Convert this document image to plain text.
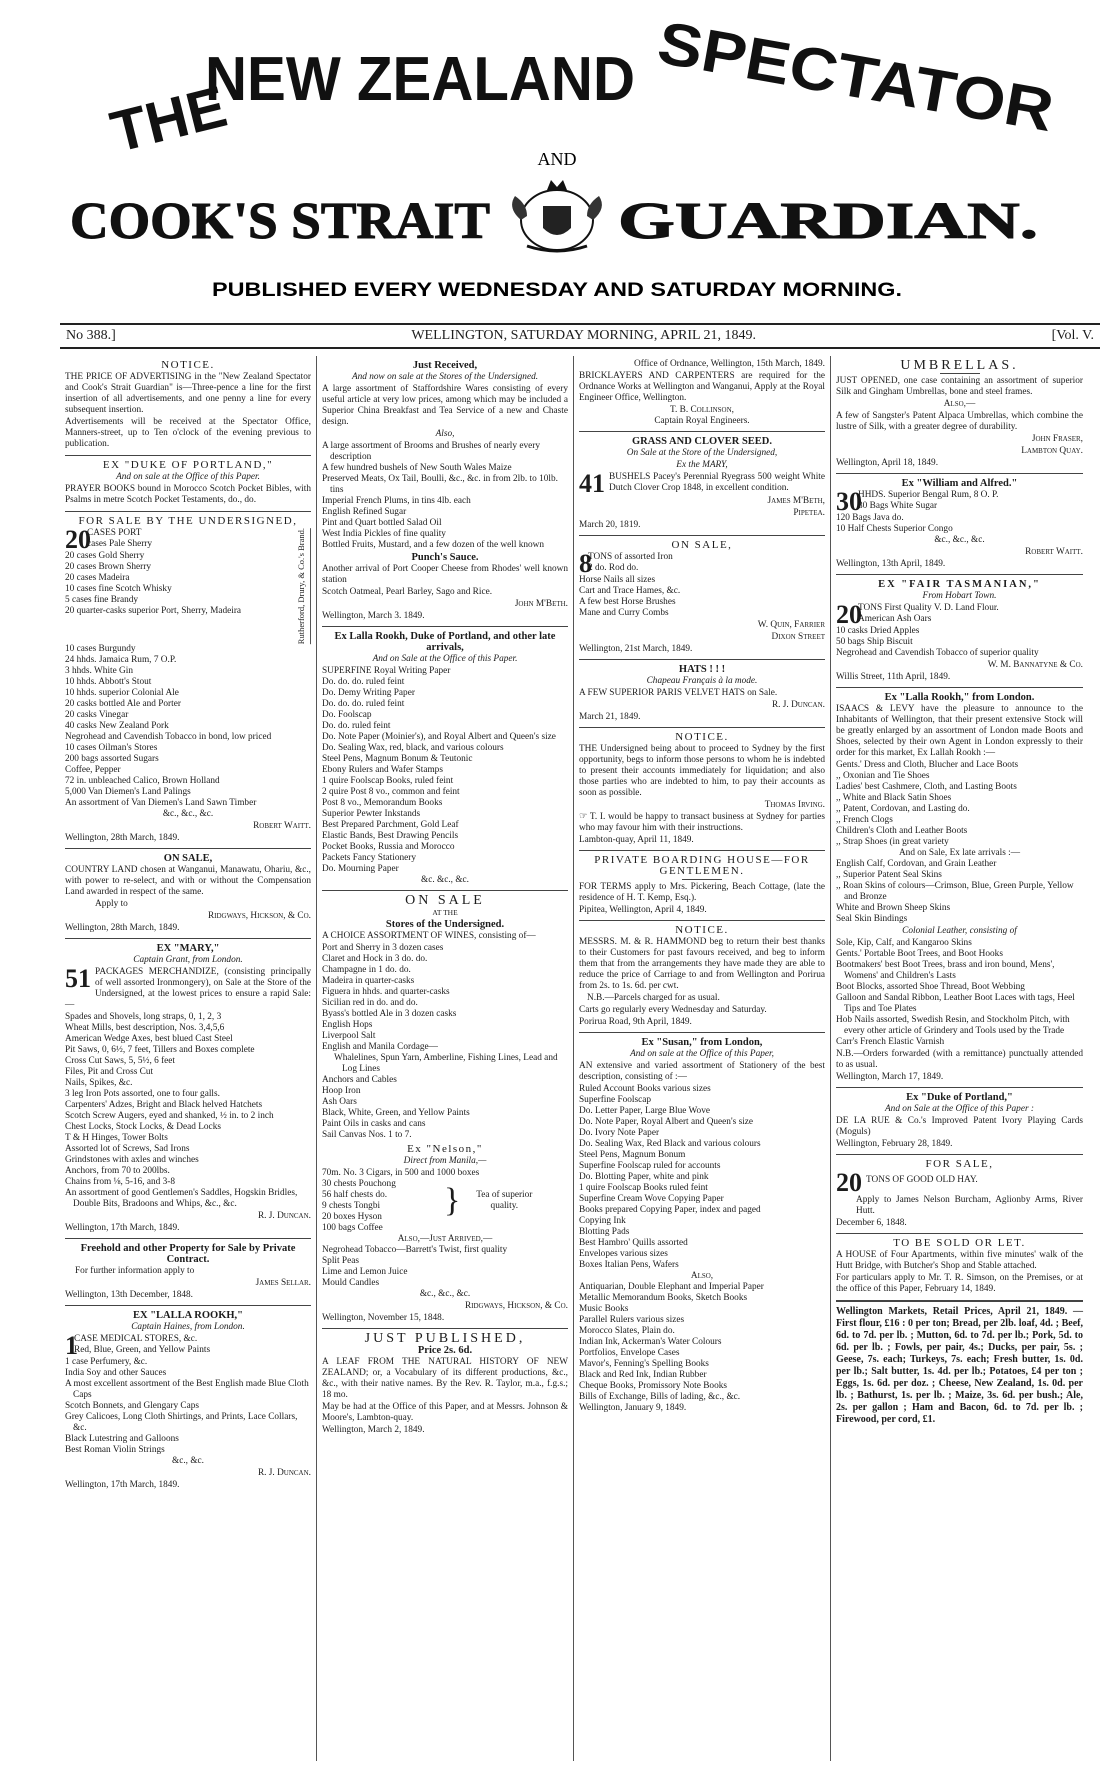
THE
NEW ZEALAND SPECTATOR
AND
COOK'S STRAIT GUARDIAN.
PUBLISHED EVERY WEDNESDAY AND SATURDAY MORNING.
No 388.]	WELLINGTON, SATURDAY MORNING, APRIL 21, 1849.	[Vol. V.
NOTICE.
THE PRICE OF ADVERTISING in the "New Zealand Spectator and Cook's Strait Guardian" is—Three-pence a line for the first insertion of all advertisements, and one penny a line for every subsequent insertion.
Advertisements will be received at the Spectator Office, Manners-street, up to Ten o'clock of the evening previous to publication.
EX "DUKE OF PORTLAND,"
And on sale at the Office of this Paper.
PRAYER BOOKS bound in Morocco Scotch Pocket Bibles, with Psalms in metre Scotch Pocket Testaments, do., do.
FOR SALE BY THE UNDERSIGNED,
20
CASES PORT
cases Pale Sherry
20 cases Gold Sherry
20 cases Brown Sherry
20 cases Madeira
10 cases fine Scotch Whisky
5 cases fine Brandy
20 quarter-casks superior Port, Sherry, Madeira	Rutherford, Drury, & Co.'s Brand.
10 cases Burgundy
24 hhds. Jamaica Rum, 7 O.P.
3 hhds. White Gin
10 hhds. Abbott's Stout
10 hhds. superior Colonial Ale
20 casks bottled Ale and Porter
20 casks Vinegar
40 casks New Zealand Pork
Negrohead and Cavendish Tobacco in bond, low priced
10 cases Oilman's Stores
200 bags assorted Sugars
Coffee, Pepper
72 in. unbleached Calico, Brown Holland
5,000 Van Diemen's Land Palings
An assortment of Van Diemen's Land Sawn Timber
&c., &c., &c.
Robert Waitt.
Wellington, 28th March, 1849.
ON SALE,
COUNTRY LAND chosen at Wanganui, Manawatu, Ohariu, &c., with power to re-select, and with or without the Compensation Land awarded in respect of the same.
Apply to
Ridgways, Hickson, & Co.
Wellington, 28th March, 1849.
EX "MARY,"
Captain Grant, from London.
51 PACKAGES MERCHANDIZE, (consisting principally of well assorted Ironmongery), on Sale at the Store of the Undersigned, at the lowest prices to ensure a rapid Sale:—
Spades and Shovels, long straps, 0, 1, 2, 3
Wheat Mills, best description, Nos. 3,4,5,6
American Wedge Axes, best blued Cast Steel
Pit Saws, 0, 6½, 7 feet, Tillers and Boxes complete
Cross Cut Saws, 5, 5½, 6 feet
Files, Pit and Cross Cut
Nails, Spikes, &c.
3 leg Iron Pots assorted, one to four galls.
Carpenters' Adzes, Bright and Black helved Hatchets
Scotch Screw Augers, eyed and shanked, ½ in. to 2 inch
Chest Locks, Stock Locks, & Dead Locks
T & H Hinges, Tower Bolts
Assorted lot of Screws, Sad Irons
Grindstones with axles and winches
Anchors, from 70 to 200lbs.
Chains from ⅛, 5-16, and 3-8
An assortment of good Gentlemen's Saddles, Hogskin Bridles, Double Bits, Bradoons and Whips, &c., &c.
R. J. Duncan.
Wellington, 17th March, 1849.
Freehold and other Property for Sale by Private Contract.
For further information apply to
James Sellar.
Wellington, 13th December, 1848.
EX "LALLA ROOKH,"
Captain Haines, from London.
1
CASE MEDICAL STORES, &c.
Red, Blue, Green, and Yellow Paints
1 case Perfumery, &c.
India Soy and other Sauces
A most excellent assortment of the Best English made Blue Cloth Caps
Scotch Bonnets, and Glengary Caps
Grey Calicoes, Long Cloth Shirtings, and Prints, Lace Collars, &c.
Black Lutestring and Galloons
Best Roman Violin Strings
&c., &c.
R. J. Duncan.
Wellington, 17th March, 1849.
Just Received,
And now on sale at the Stores of the Undersigned.
A large assortment of Staffordshire Wares consisting of every useful article at very low prices, among which may be included a Superior China Breakfast and Tea Service of a new and Chaste design.
Also,
A large assortment of Brooms and Brushes of nearly every description
A few hundred bushels of New South Wales Maize
Preserved Meats, Ox Tail, Boulli, &c., &c. in from 2lb. to 10lb. tins
Imperial French Plums, in tins 4lb. each
English Refined Sugar
Pint and Quart bottled Salad Oil
West India Pickles of fine quality
Bottled Fruits, Mustard, and a few dozen of the well known
Punch's Sauce.
Another arrival of Port Cooper Cheese from Rhodes' well known station
Scotch Oatmeal, Pearl Barley, Sago and Rice.
John M'Beth.
Wellington, March 3. 1849.
Ex Lalla Rookh, Duke of Portland, and other late arrivals,
And on Sale at the Office of this Paper.
SUPERFINE Royal Writing Paper
Do. do. do. ruled feint
Do. Demy Writing Paper
Do. do. do. ruled feint
Do. Foolscap
Do. do. ruled feint
Do. Note Paper (Moinier's), and Royal Albert and Queen's size
Do. Sealing Wax, red, black, and various colours
Steel Pens, Magnum Bonum & Teutonic
Ebony Rulers and Wafer Stamps
1 quire Foolscap Books, ruled feint
2 quire Post 8 vo., common and feint
Post 8 vo., Memorandum Books
Superior Pewter Inkstands
Best Prepared Parchment, Gold Leaf
Elastic Bands, Best Drawing Pencils
Pocket Books, Russia and Morocco
Packets Fancy Stationery
Do. Mourning Paper
&c. &c., &c.
ON SALE
AT THE
Stores of the Undersigned.
A CHOICE ASSORTMENT OF WINES, consisting of—
Port and Sherry in 3 dozen cases
Claret and Hock in 3 do. do.
Champagne in 1 do. do.
Madeira in quarter-casks
Figuera in hhds. and quarter-casks
Sicilian red in do. and do.
Byass's bottled Ale in 3 dozen casks
English Hops
Liverpool Salt
English and Manila Cordage—
Whalelines, Spun Yarn, Amberline, Fishing Lines, Lead and Log Lines
Anchors and Cables
Hoop Iron
Ash Oars
Black, White, Green, and Yellow Paints
Paint Oils in casks and cans
Sail Canvas Nos. 1 to 7.
Ex "Nelson,"
Direct from Manila,—
70m. No. 3 Cigars, in 500 and 1000 boxes
30 chests Pouchong
56 half chests do.
9 chests Tongbi
20 boxes Hyson	}	Tea of superior quality.
100 bags Coffee
Also,—Just Arrived,—
Negrohead Tobacco—Barrett's Twist, first quality
Split Peas
Lime and Lemon Juice
Mould Candles
&c., &c., &c.
Ridgways, Hickson, & Co.
Wellington, November 15, 1848.
JUST PUBLISHED,
Price 2s. 6d.
A LEAF FROM THE NATURAL HISTORY OF NEW ZEALAND; or, a Vocabulary of its different productions, &c., &c., with their native names. By the Rev. R. Taylor, m.a., f.g.s.; 18 mo.
May be had at the Office of this Paper, and at Messrs. Johnson & Moore's, Lambton-quay.
Wellington, March 2, 1849.
Office of Ordnance, Wellington, 15th March, 1849.
BRICKLAYERS AND CARPENTERS are required for the Ordnance Works at Wellington and Wanganui, Apply at the Royal Engineer Office, Wellington.
T. B. Collinson,
Captain Royal Engineers.
GRASS AND CLOVER SEED.
On Sale at the Store of the Undersigned,
Ex the MARY,
41 BUSHELS Pacey's Perennial Ryegrass 500 weight White Dutch Clover Crop 1848, in excellent condition.
James M'Beth,
Pipetea.
March 20, 1819.
ON SALE,
8
TONS of assorted Iron
2 do. Rod do.
Horse Nails all sizes
Cart and Trace Hames, &c.
A few best Horse Brushes
Mane and Curry Combs
W. Quin, Farrier
Dixon Street
Wellington, 21st March, 1849.
HATS ! ! !
Chapeau Français à la mode.
A FEW SUPERIOR PARIS VELVET HATS on Sale.
R. J. Duncan.
March 21, 1849.
NOTICE.
THE Undersigned being about to proceed to Sydney by the first opportunity, begs to inform those persons to whom he is indebted to present their accounts immediately for liquidation; and also those parties who are indebted to him, to pay their accounts as soon as possible.
Thomas Irving.
☞ T. I. would be happy to transact business at Sydney for parties who may favour him with their instructions.
Lambton-quay, April 11, 1849.
PRIVATE BOARDING HOUSE—FOR GENTLEMEN.
FOR TERMS apply to Mrs. Pickering, Beach Cottage, (late the residence of H. T. Kemp, Esq.).
Pipitea, Wellington, April 4, 1849.
NOTICE.
MESSRS. M. & R. HAMMOND beg to return their best thanks to their Customers for past favours received, and beg to inform them that from the arrangements they have made they are able to reduce the price of Carriage to and from Wellington and Porirua from 2s. to 1s. 6d. per cwt.
N.B.—Parcels charged for as usual.
Carts go regularly every Wednesday and Saturday.
Porirua Road, 9th April, 1849.
Ex "Susan," from London,
And on sale at the Office of this Paper,
AN extensive and varied assortment of Stationery of the best description, consisting of :—
Ruled Account Books various sizes
Superfine Foolscap
Do. Letter Paper, Large Blue Wove
Do. Note Paper, Royal Albert and Queen's size
Do. Ivory Note Paper
Do. Sealing Wax, Red Black and various colours
Steel Pens, Magnum Bonum
Superfine Foolscap ruled for accounts
Do. Blotting Paper, white and pink
1 quire Foolscap Books ruled feint
Superfine Cream Wove Copying Paper
Books prepared Copying Paper, index and paged
Copying Ink
Blotting Pads
Best Hambro' Quills assorted
Envelopes various sizes
Boxes Italian Pens, Wafers
Also,
Antiquarian, Double Elephant and Imperial Paper
Metallic Memorandum Books, Sketch Books
Music Books
Parallel Rulers various sizes
Morocco Slates, Plain do.
Indian Ink, Ackerman's Water Colours
Portfolios, Envelope Cases
Mavor's, Fenning's Spelling Books
Black and Red Ink, Indian Rubber
Cheque Books, Promissory Note Books
Bills of Exchange, Bills of lading, &c., &c.
Wellington, January 9, 1849.
UMBRELLAS.
JUST OPENED, one case containing an assortment of superior Silk and Gingham Umbrellas, bone and steel frames.
Also,—
A few of Sangster's Patent Alpaca Umbrellas, which combine the lustre of Silk, with a greater degree of durability.
John Fraser,
Lambton Quay.
Wellington, April 18, 1849.
Ex "William and Alfred."
30
HHDS. Superior Bengal Rum, 8 O. P.
80 Bags White Sugar
120 Bags Java do.
10 Half Chests Superior Congo
&c., &c., &c.
Robert Waitt.
Wellington, 13th April, 1849.
EX "FAIR TASMANIAN,"
From Hobart Town.
20
TONS First Quality V. D. Land Flour.
American Ash Oars
10 casks Dried Apples
50 bags Ship Biscuit
Negrohead and Cavendish Tobacco of superior quality
W. M. Bannatyne & Co.
Willis Street, 11th April, 1849.
Ex "Lalla Rookh," from London.
ISAACS & LEVY have the pleasure to announce to the Inhabitants of Wellington, that their present extensive Stock will be greatly enlarged by an assortment of London made Boots and Shoes, selected by their own Agent in London expressly to their order for this market, Ex Lallah Rookh :—
Gents.' Dress and Cloth, Blucher and Lace Boots
,, Oxonian and Tie Shoes
Ladies' best Cashmere, Cloth, and Lasting Boots
,, White and Black Satin Shoes
,, Patent, Cordovan, and Lasting do.
,, French Clogs
Children's Cloth and Leather Boots
,, Strap Shoes (in great variety
And on Sale, Ex late arrivals :—
English Calf, Cordovan, and Grain Leather
,, Superior Patent Seal Skins
,, Roan Skins of colours—Crimson, Blue, Green Purple, Yellow and Bronze
White and Brown Sheep Skins
Seal Skin Bindings
Colonial Leather, consisting of
Sole, Kip, Calf, and Kangaroo Skins
Gents.' Portable Boot Trees, and Boot Hooks
Bootmakers' best Boot Trees, brass and iron bound, Mens', Womens' and Children's Lasts
Boot Blocks, assorted Shoe Thread, Boot Webbing
Galloon and Sandal Ribbon, Leather Boot Laces with tags, Heel Tips and Toe Plates
Hob Nails assorted, Swedish Resin, and Stockholm Pitch, with every other article of Grindery and Tools used by the Trade
Carr's French Elastic Varnish
N.B.—Orders forwarded (with a remittance) punctually attended to as usual.
Wellington, March 17, 1849.
Ex "Duke of Portland,"
And on Sale at the Office of this Paper :
DE LA RUE & Co.'s Improved Patent Ivory Playing Cards (Moguls)
Wellington, February 28, 1849.
FOR SALE,
20 TONS OF GOOD OLD HAY.
Apply to James Nelson Burcham, Aglionby Arms, River Hutt.
December 6, 1848.
TO BE SOLD OR LET.
A HOUSE of Four Apartments, within five minutes' walk of the Hutt Bridge, with Butcher's Shop and Stable attached.
For particulars apply to Mr. T. R. Simson, on the Premises, or at the office of this Paper, February 14, 1849.
Wellington Markets, Retail Prices, April 21, 1849. — First flour, £16 : 0 per ton; Bread, per 2lb. loaf, 4d. ; Beef, 6d. to 7d. per lb. ; Mutton, 6d. to 7d. per lb.; Pork, 5d. to 6d. per lb. ; Fowls, per pair, 4s.; Ducks, per pair, 5s. ; Geese, 7s. each; Turkeys, 7s. each; Fresh butter, 1s. 0d. per lb.; Salt butter, 1s. 4d. per lb.; Potatoes, £4 per ton ; Eggs, 1s. 6d. per doz. ; Cheese, New Zealand, 1s. 0d. per lb. ; Bathurst, 1s. per lb. ; Maize, 3s. 6d. per bush.; Ale, 2s. per gallon ; Ham and Bacon, 6d. to 7d. per lb. ; Firewood, per cord, £1.
